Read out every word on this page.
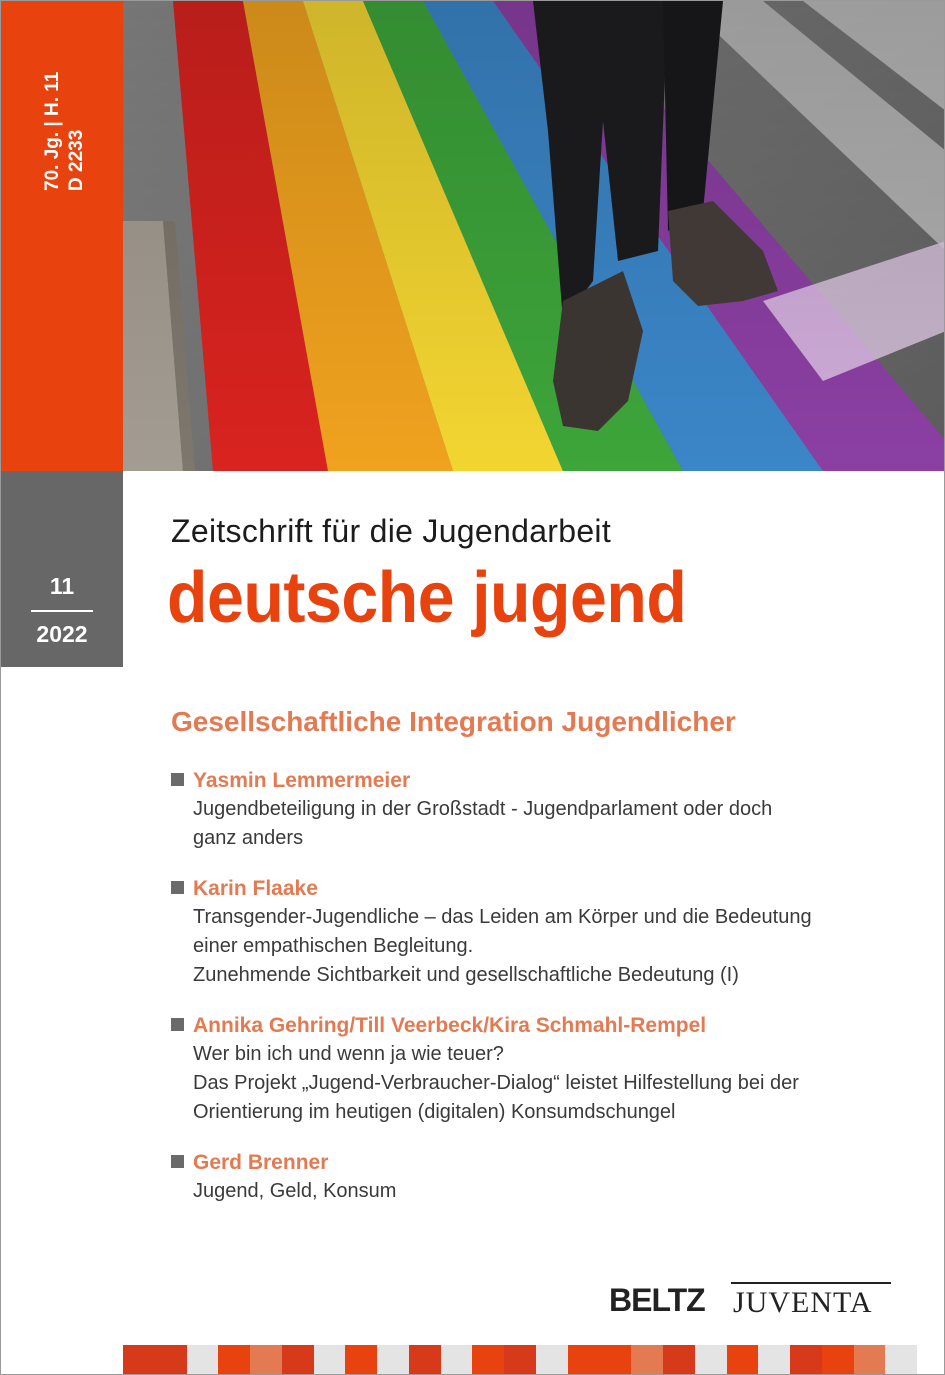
70. Jg. | H. 11 D 2233
11
2022
Zeitschrift für die Jugendarbeit
deutsche jugend
Gesellschaftliche Integration Jugendlicher
Yasmin Lemmermeier
Jugendbeteiligung in der Großstadt - Jugendparlament oder doch
ganz anders
Karin Flaake
Transgender-Jugendliche – das Leiden am Körper und die Bedeutung
einer empathischen Begleitung.
Zunehmende Sichtbarkeit und gesellschaftliche Bedeutung (I)
Annika Gehring/Till Veerbeck/Kira Schmahl-Rempel
Wer bin ich und wenn ja wie teuer?
Das Projekt „Jugend-Verbraucher-Dialog“ leistet Hilfestellung bei der
Orientierung im heutigen (digitalen) Konsumdschungel
Gerd Brenner
Jugend, Geld, Konsum
BELTZ JUVENTA
